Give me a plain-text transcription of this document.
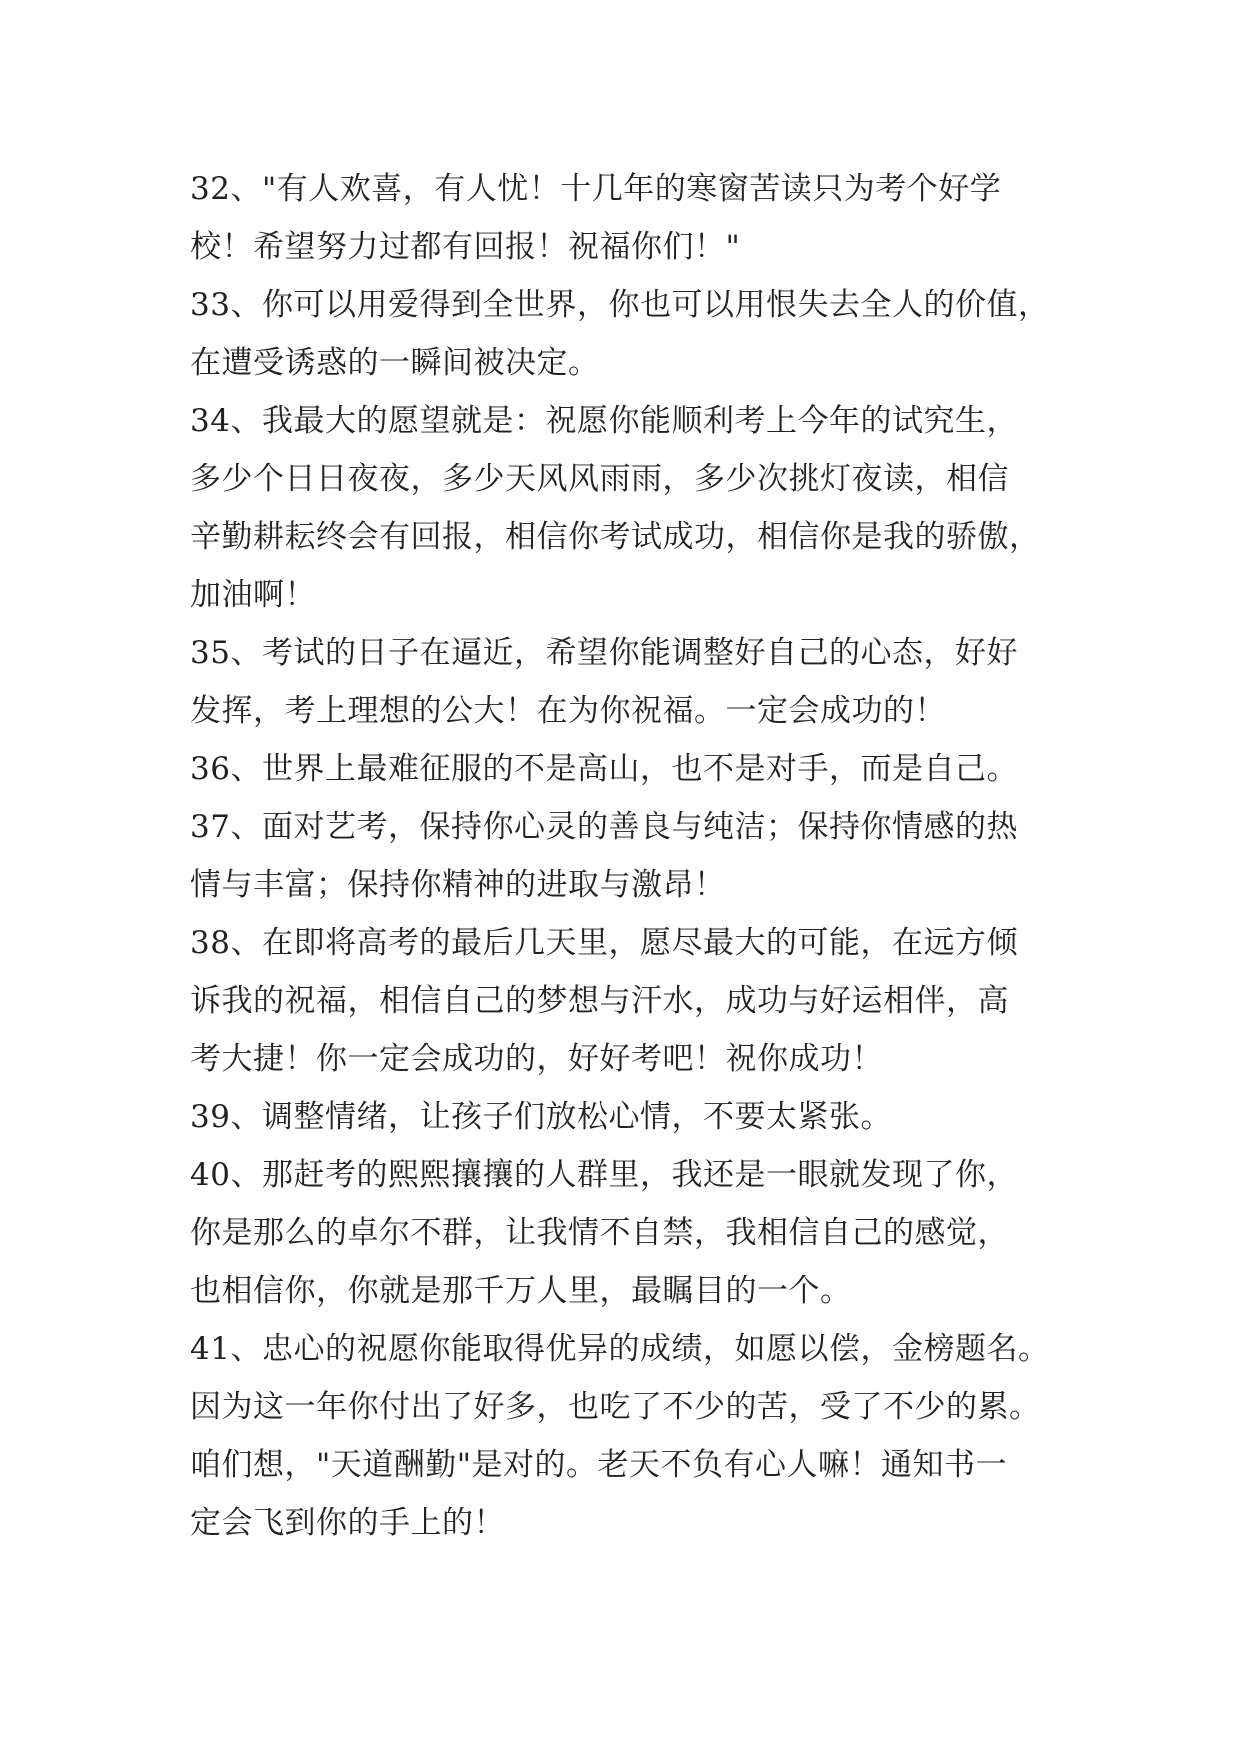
32、"有人欢喜，有人忧！十几年的寒窗苦读只为考个好学
校！希望努力过都有回报！祝福你们！"
33、你可以用爱得到全世界，你也可以用恨失去全人的价值，
在遭受诱惑的一瞬间被决定。
34、我最大的愿望就是：祝愿你能顺利考上今年的试究生，
多少个日日夜夜，多少天风风雨雨，多少次挑灯夜读，相信
辛勤耕耘终会有回报，相信你考试成功，相信你是我的骄傲，
加油啊！
35、考试的日子在逼近，希望你能调整好自己的心态，好好
发挥，考上理想的公大！在为你祝福。一定会成功的！
36、世界上最难征服的不是高山，也不是对手，而是自己。
37、面对艺考，保持你心灵的善良与纯洁；保持你情感的热
情与丰富；保持你精神的进取与激昂！
38、在即将高考的最后几天里，愿尽最大的可能，在远方倾
诉我的祝福，相信自己的梦想与汗水，成功与好运相伴，高
考大捷！你一定会成功的，好好考吧！祝你成功！
39、调整情绪，让孩子们放松心情，不要太紧张。
40、那赶考的熙熙攘攘的人群里，我还是一眼就发现了你，
你是那么的卓尔不群，让我情不自禁，我相信自己的感觉，
也相信你，你就是那千万人里，最瞩目的一个。
41、忠心的祝愿你能取得优异的成绩，如愿以偿，金榜题名。
因为这一年你付出了好多，也吃了不少的苦，受了不少的累。
咱们想，"天道酬勤"是对的。老天不负有心人嘛！通知书一
定会飞到你的手上的！
